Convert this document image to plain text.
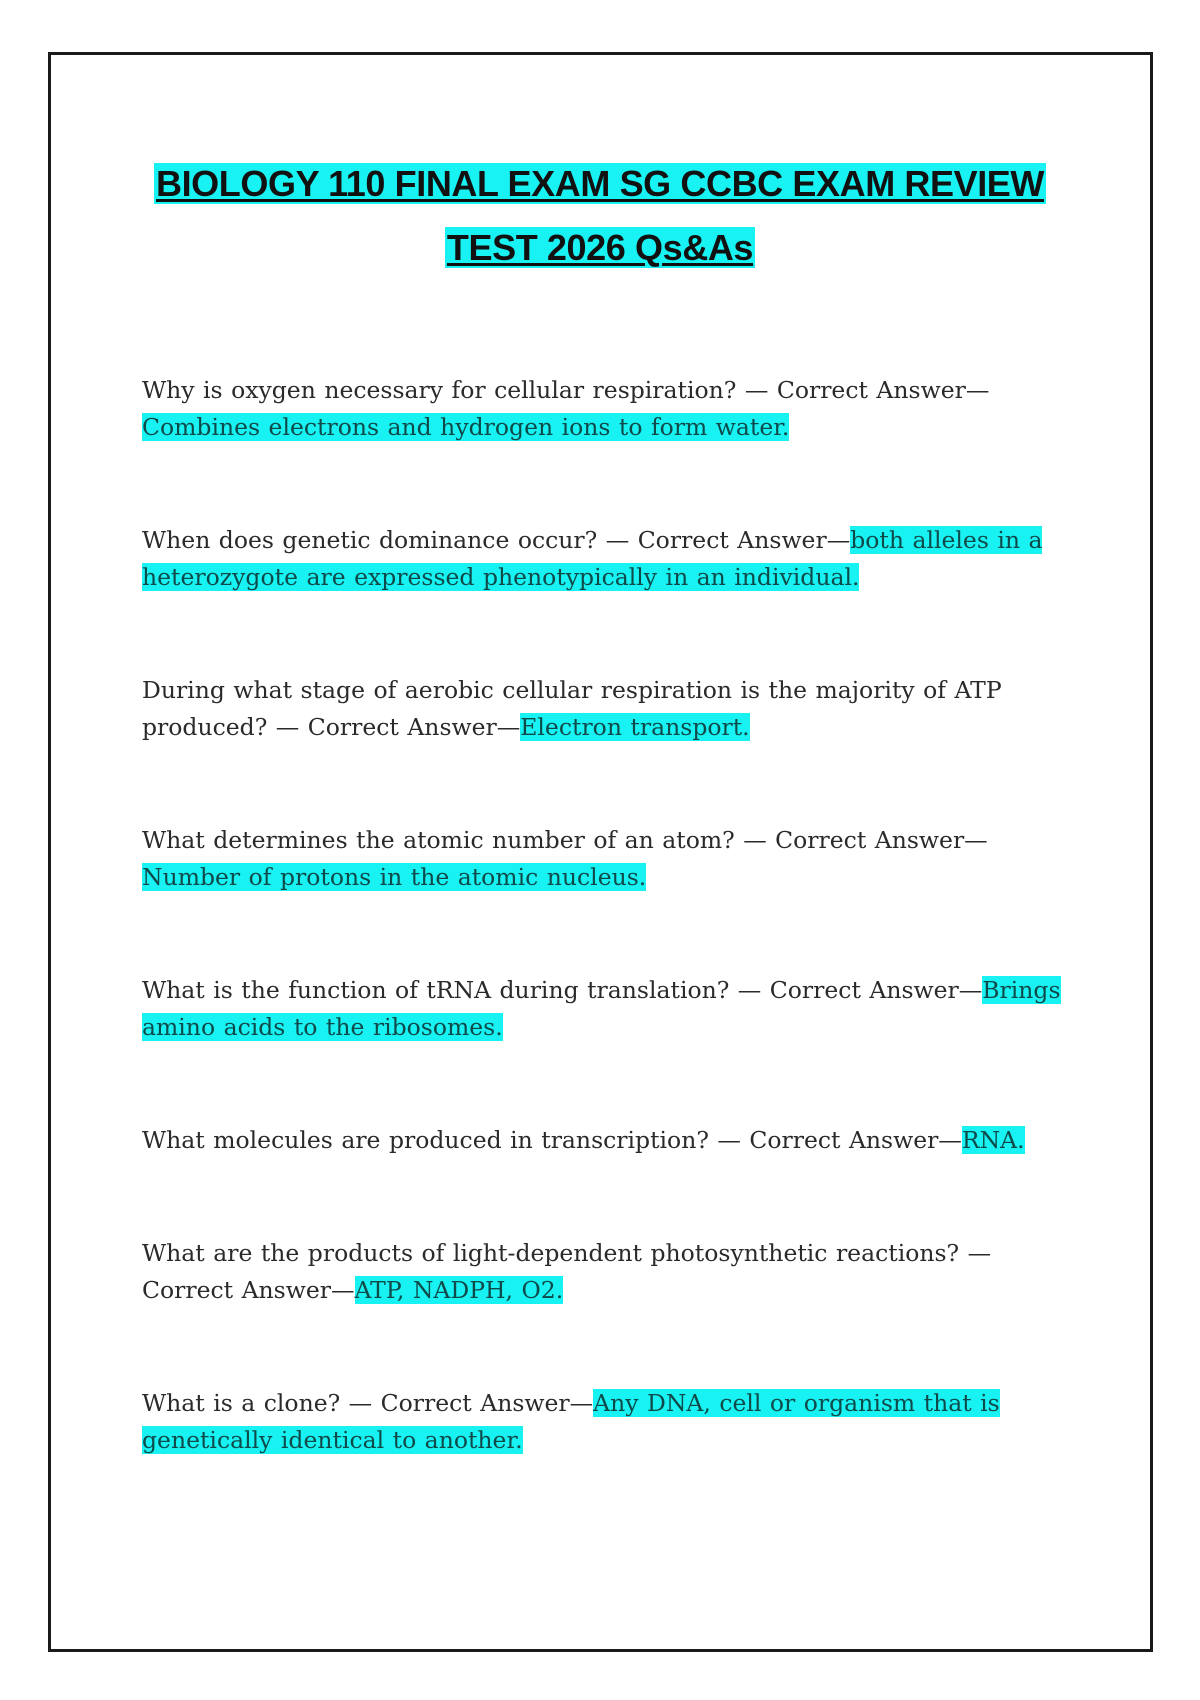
BIOLOGY 110 FINAL EXAM SG CCBC EXAM REVIEW TEST 2026 Qs&As

Why is oxygen necessary for cellular respiration? — Correct Answer—Combines electrons and hydrogen ions to form water.

When does genetic dominance occur? — Correct Answer—both alleles in a heterozygote are expressed phenotypically in an individual.

During what stage of aerobic cellular respiration is the majority of ATP produced? — Correct Answer—Electron transport.

What determines the atomic number of an atom? — Correct Answer—Number of protons in the atomic nucleus.

What is the function of tRNA during translation? — Correct Answer—Brings amino acids to the ribosomes.

What molecules are produced in transcription? — Correct Answer—RNA.

What are the products of light-dependent photosynthetic reactions? — Correct Answer—ATP, NADPH, O2.

What is a clone? — Correct Answer—Any DNA, cell or organism that is genetically identical to another.
